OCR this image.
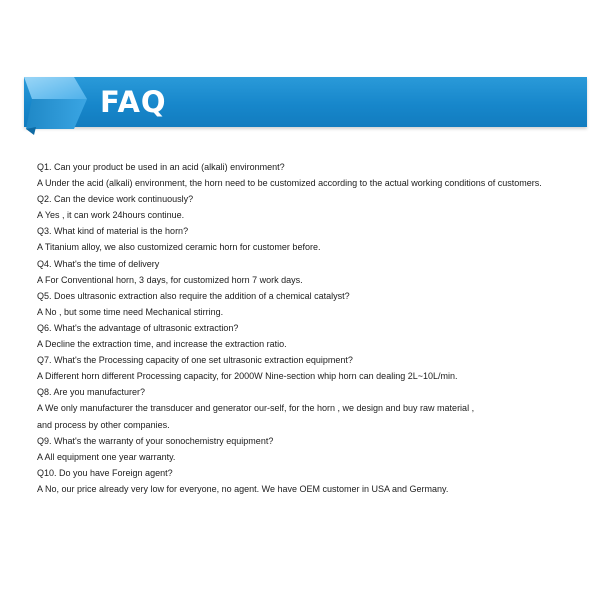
FAQ
Q1. Can your product be used in an acid (alkali) environment?
A Under the acid (alkali) environment, the horn need to be customized according to the actual working conditions of customers.
Q2. Can the device work continuously?
A Yes , it can work 24hours continue.
Q3. What kind of material is the horn?
A Titanium alloy, we also customized ceramic horn for customer before.
Q4. What's the time of delivery
A For Conventional horn, 3 days, for customized horn 7 work days.
Q5. Does ultrasonic extraction also require the addition of a chemical catalyst?
A No , but some time need Mechanical stirring.
Q6. What's the advantage of ultrasonic extraction?
A Decline the extraction time, and increase the extraction ratio.
Q7. What's the Processing capacity of one set ultrasonic extraction equipment?
A Different horn different Processing capacity, for 2000W Nine-section whip horn can dealing 2L~10L/min.
Q8. Are you manufacturer?
A We only manufacturer the transducer and generator our-self, for the horn , we design and buy raw material ,
and process by other companies.
Q9. What's the warranty of your sonochemistry equipment?
A All equipment one year warranty.
Q10. Do you have Foreign agent?
A No, our price already very low for everyone, no agent. We have OEM customer in USA and Germany.
